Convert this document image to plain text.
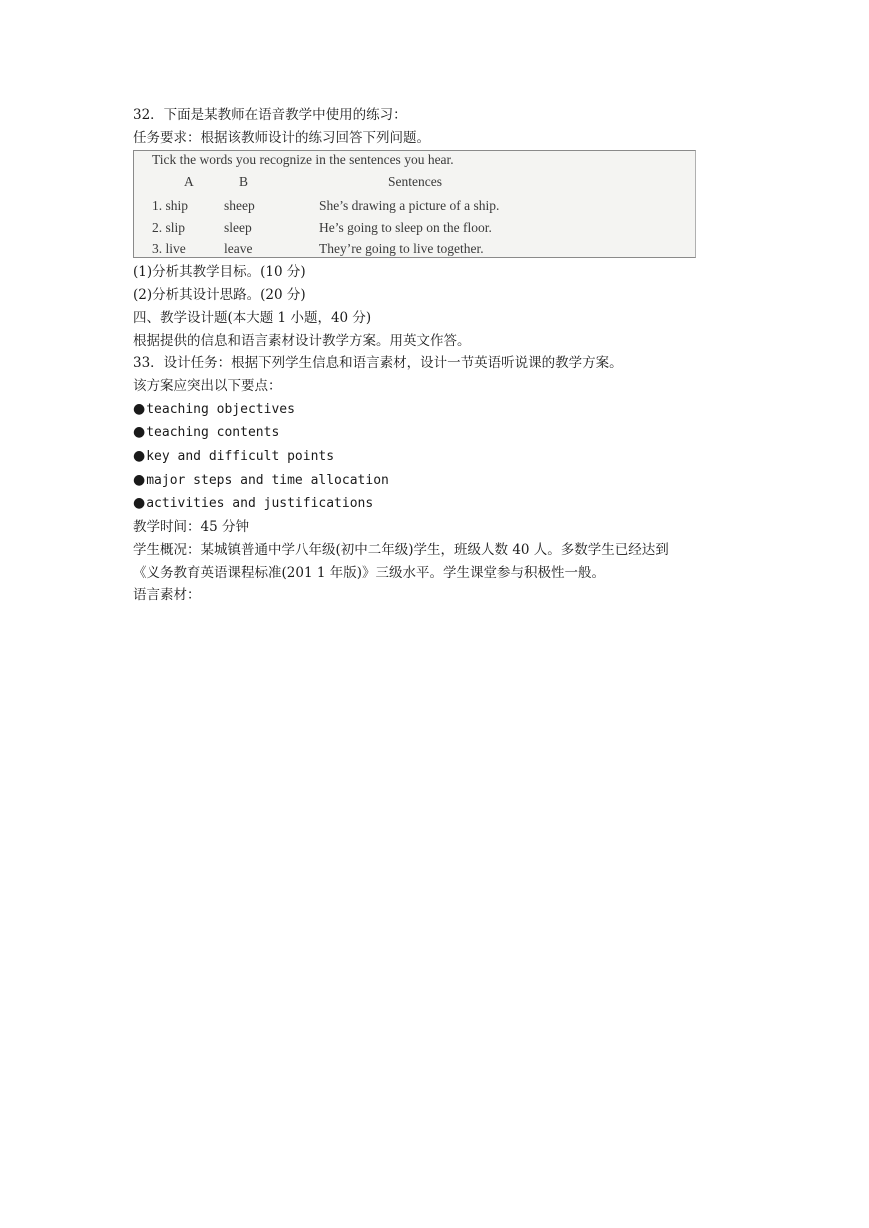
32．下面是某教师在语音教学中使用的练习：
任务要求：根据该教师设计的练习回答下列问题。
Tick the words you recognize in the sentences you hear.
A	B	Sentences
1. ship	sheep	She’s drawing a picture of a ship.
2. slip	sleep	He’s going to sleep on the floor.
3. live	leave	They’re going to live together.
(1)分析其教学目标。(10 分)
(2)分析其设计思路。(20 分)
四、教学设计题(本大题 1 小题，40 分)
根据提供的信息和语言素材设计教学方案。用英文作答。
33．设计任务：根据下列学生信息和语言素材，设计一节英语听说课的教学方案。
该方案应突出以下要点：
●teaching objectives
●teaching contents
●key and difficult points
●major steps and time allocation
●activities and justifications
教学时间：45 分钟
学生概况：某城镇普通中学八年级(初中二年级)学生，班级人数 40 人。多数学生已经达到
《义务教育英语课程标准(201 1 年版)》三级水平。学生课堂参与积极性一般。
语言素材：
